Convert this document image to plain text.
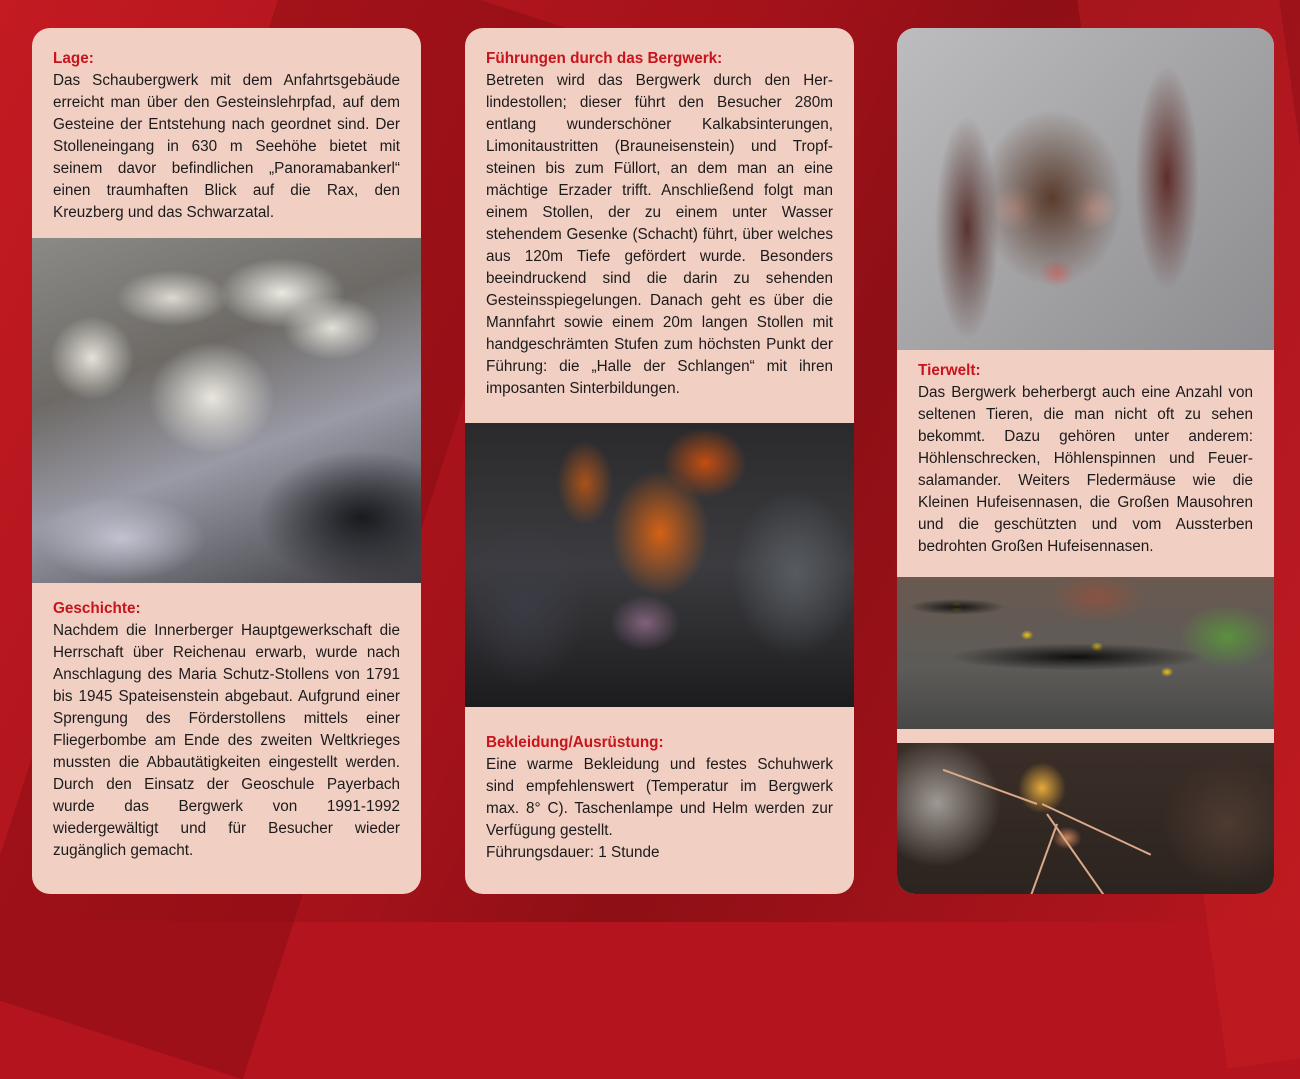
Lage:
Das Schaubergwerk mit dem Anfahrtsgebäude erreicht man über den Gesteinslehrpfad, auf dem Gesteine der Entstehung nach geordnet sind. Der Stolleneingang in 630 m Seehöhe bietet mit seinem davor befindlichen „Panoramabankerl“ einen traumhaften Blick auf die Rax, den Kreuzberg und das Schwarzatal.
Geschichte:
Nachdem die Innerberger Hauptgewerkschaft die Herrschaft über Reichenau erwarb, wurde nach Anschlagung des Maria Schutz-Stollens von 1791 bis 1945 Spateisenstein abgebaut. Aufgrund einer Sprengung des Förderstollens mittels einer Fliegerbombe am Ende des zweiten Weltkrieges mussten die Abbautätigkeiten eingestellt werden. Durch den Einsatz der Geoschule Payerbach wurde das Bergwerk von 1991-1992 wiedergewältigt und für Besucher wieder zugänglich gemacht.
Führungen durch das Bergwerk:
Betreten wird das Bergwerk durch den Herlindestollen; dieser führt den Besucher 280m entlang wunderschöner Kalkabsinterungen, Limonitaustritten (Brauneisenstein) und Tropfsteinen bis zum Füllort, an dem man an eine mächtige Erzader trifft. Anschließend folgt man einem Stollen, der zu einem unter Wasser stehendem Gesenke (Schacht) führt, über welches aus 120m Tiefe gefördert wurde. Besonders beeindruckend sind die darin zu sehenden Gesteinsspiegelungen. Danach geht es über die Mannfahrt sowie einem 20m langen Stollen mit handgeschrämten Stufen zum höchsten Punkt der Führung: die „Halle der Schlangen“ mit ihren imposanten Sinterbildungen.
Bekleidung/Ausrüstung:
Eine warme Bekleidung und festes Schuhwerk sind empfehlenswert (Temperatur im Bergwerk max. 8° C). Taschenlampe und Helm werden zur Verfügung gestellt.
Führungsdauer: 1 Stunde
Tierwelt:
Das Bergwerk beherbergt auch eine Anzahl von seltenen Tieren, die man nicht oft zu sehen bekommt. Dazu gehören unter anderem: Höhlenschrecken, Höhlenspinnen und Feuersalamander. Weiters Fledermäuse wie die Kleinen Hufeisennasen, die Großen Mausohren und die geschützten und vom Aussterben bedrohten Großen Hufeisennasen.
